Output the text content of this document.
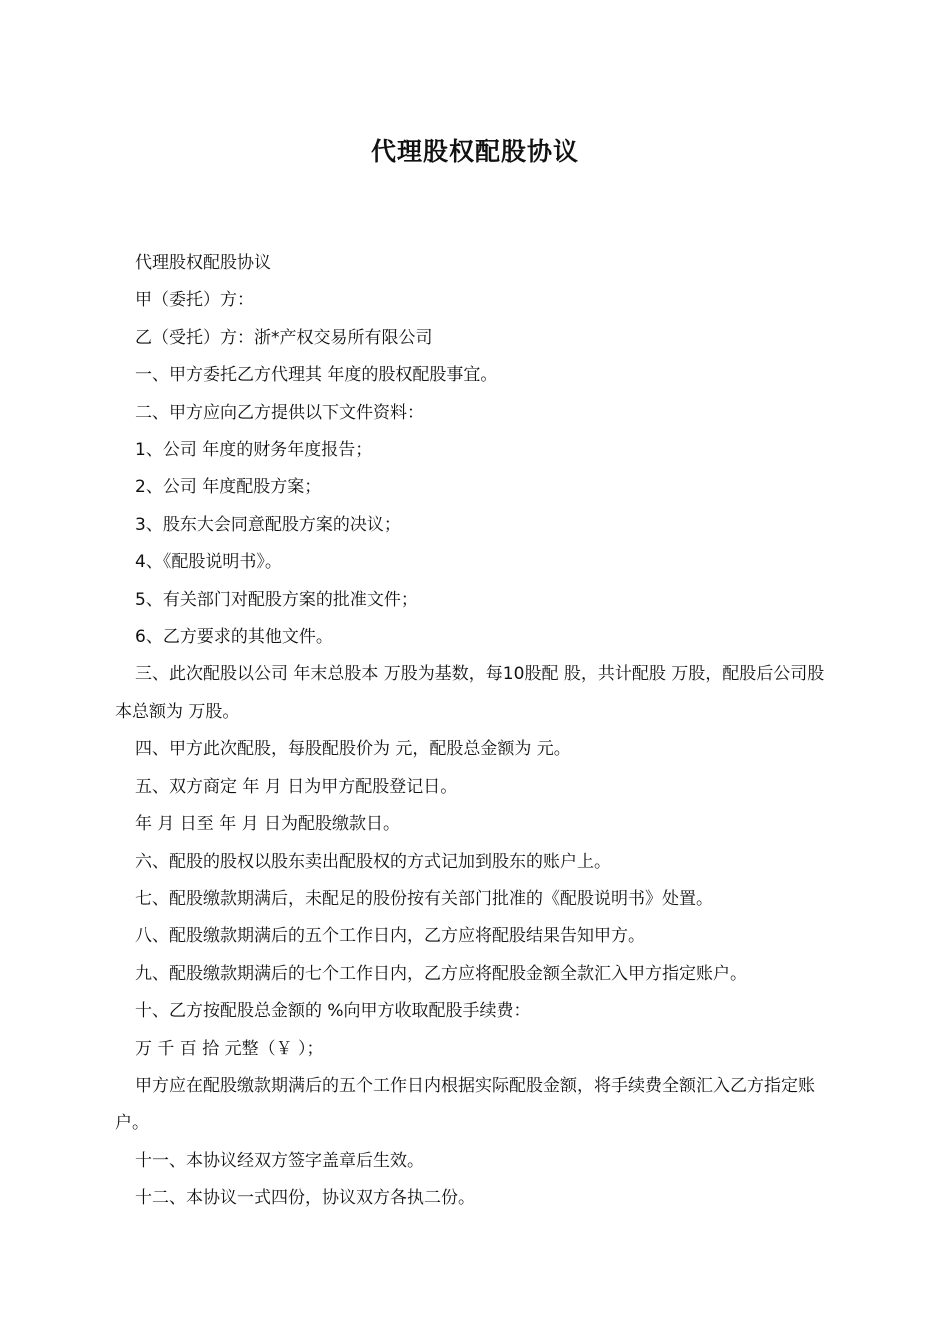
代理股权配股协议

代理股权配股协议

甲（委托）方：

乙（受托）方：浙*产权交易所有限公司

一、甲方委托乙方代理其 年度的股权配股事宜。

二、甲方应向乙方提供以下文件资料：

1、公司 年度的财务年度报告；

2、公司 年度配股方案；

3、股东大会同意配股方案的决议；

4、《配股说明书》。

5、有关部门对配股方案的批准文件；

6、乙方要求的其他文件。

三、此次配股以公司 年末总股本 万股为基数，每10股配 股，共计配股 万股，配股后公司股本总额为 万股。

四、甲方此次配股，每股配股价为 元，配股总金额为 元。

五、双方商定 年 月 日为甲方配股登记日。

年 月 日至 年 月 日为配股缴款日。

六、配股的股权以股东卖出配股权的方式记加到股东的账户上。

七、配股缴款期满后，未配足的股份按有关部门批准的《配股说明书》处置。

八、配股缴款期满后的五个工作日内，乙方应将配股结果告知甲方。

九、配股缴款期满后的七个工作日内，乙方应将配股金额全款汇入甲方指定账户。

十、乙方按配股总金额的 %向甲方收取配股手续费：

万 千 百 拾 元整（￥ ）；

甲方应在配股缴款期满后的五个工作日内根据实际配股金额，将手续费全额汇入乙方指定账户。

十一、本协议经双方签字盖章后生效。

十二、本协议一式四份，协议双方各执二份。
